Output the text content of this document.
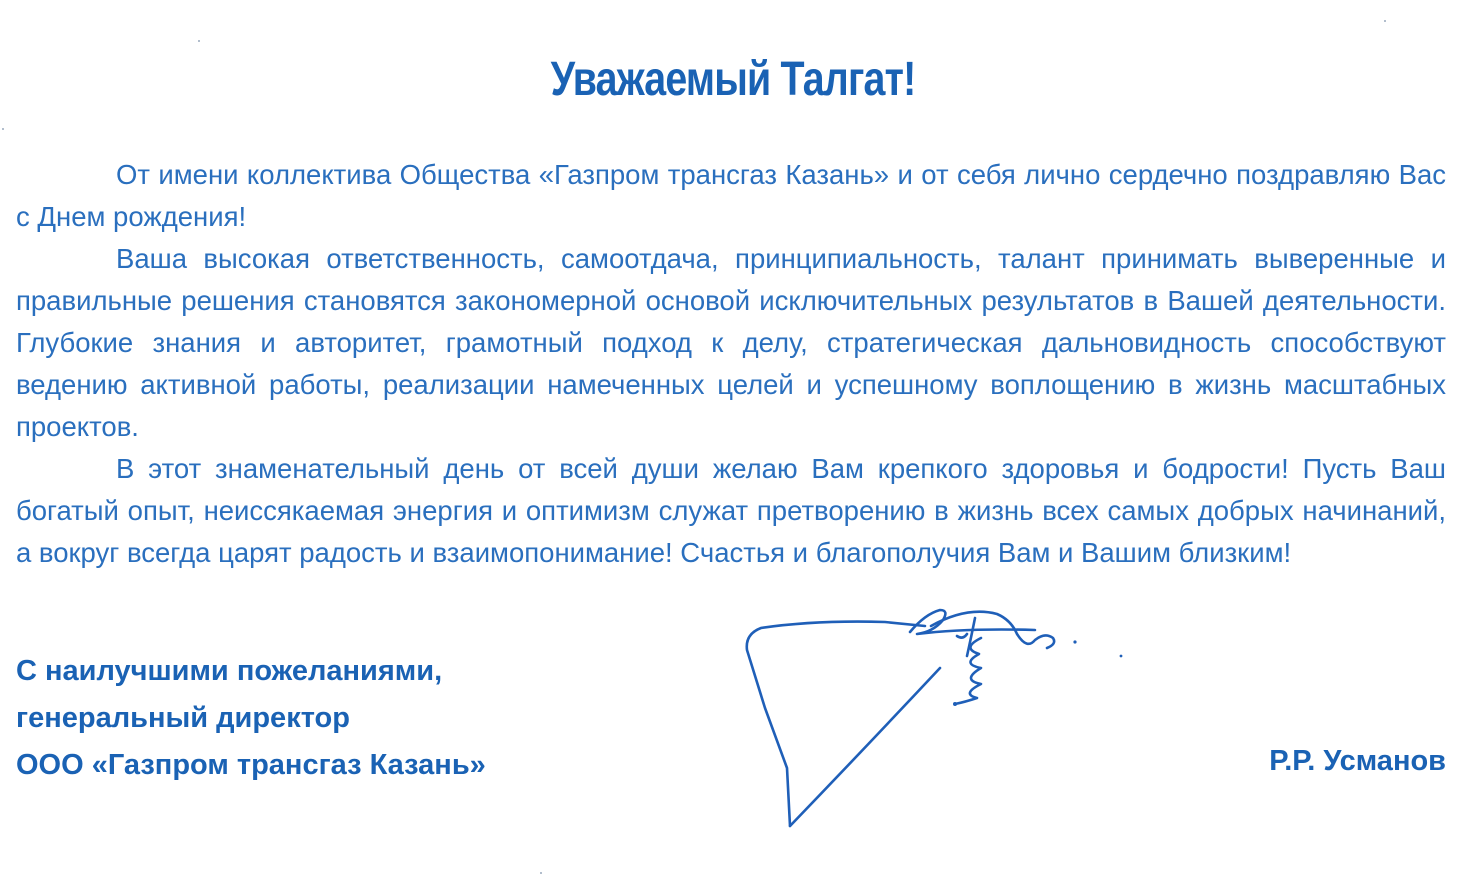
Уважаемый Талгат!

От имени коллектива Общества «Газпром трансгаз Казань» и от себя лично сердечно поздравляю Вас с Днем рождения!

Ваша высокая ответственность, самоотдача, принципиальность, талант принимать выверенные и правильные решения становятся закономерной основой исключительных результатов в Вашей деятельности. Глубокие знания и авторитет, грамотный подход к делу, стратегическая дальновидность способствуют ведению активной работы, реализации намеченных целей и успешному воплощению в жизнь масштабных проектов.

В этот знаменательный день от всей души желаю Вам крепкого здоровья и бодрости! Пусть Ваш богатый опыт, неиссякаемая энергия и оптимизм служат претворению в жизнь всех самых добрых начинаний, а вокруг всегда царят радость и взаимопонимание! Счастья и благополучия Вам и Вашим близким!

С наилучшими пожеланиями,
генеральный директор
ООО «Газпром трансгаз Казань»	Р.Р. Усманов
